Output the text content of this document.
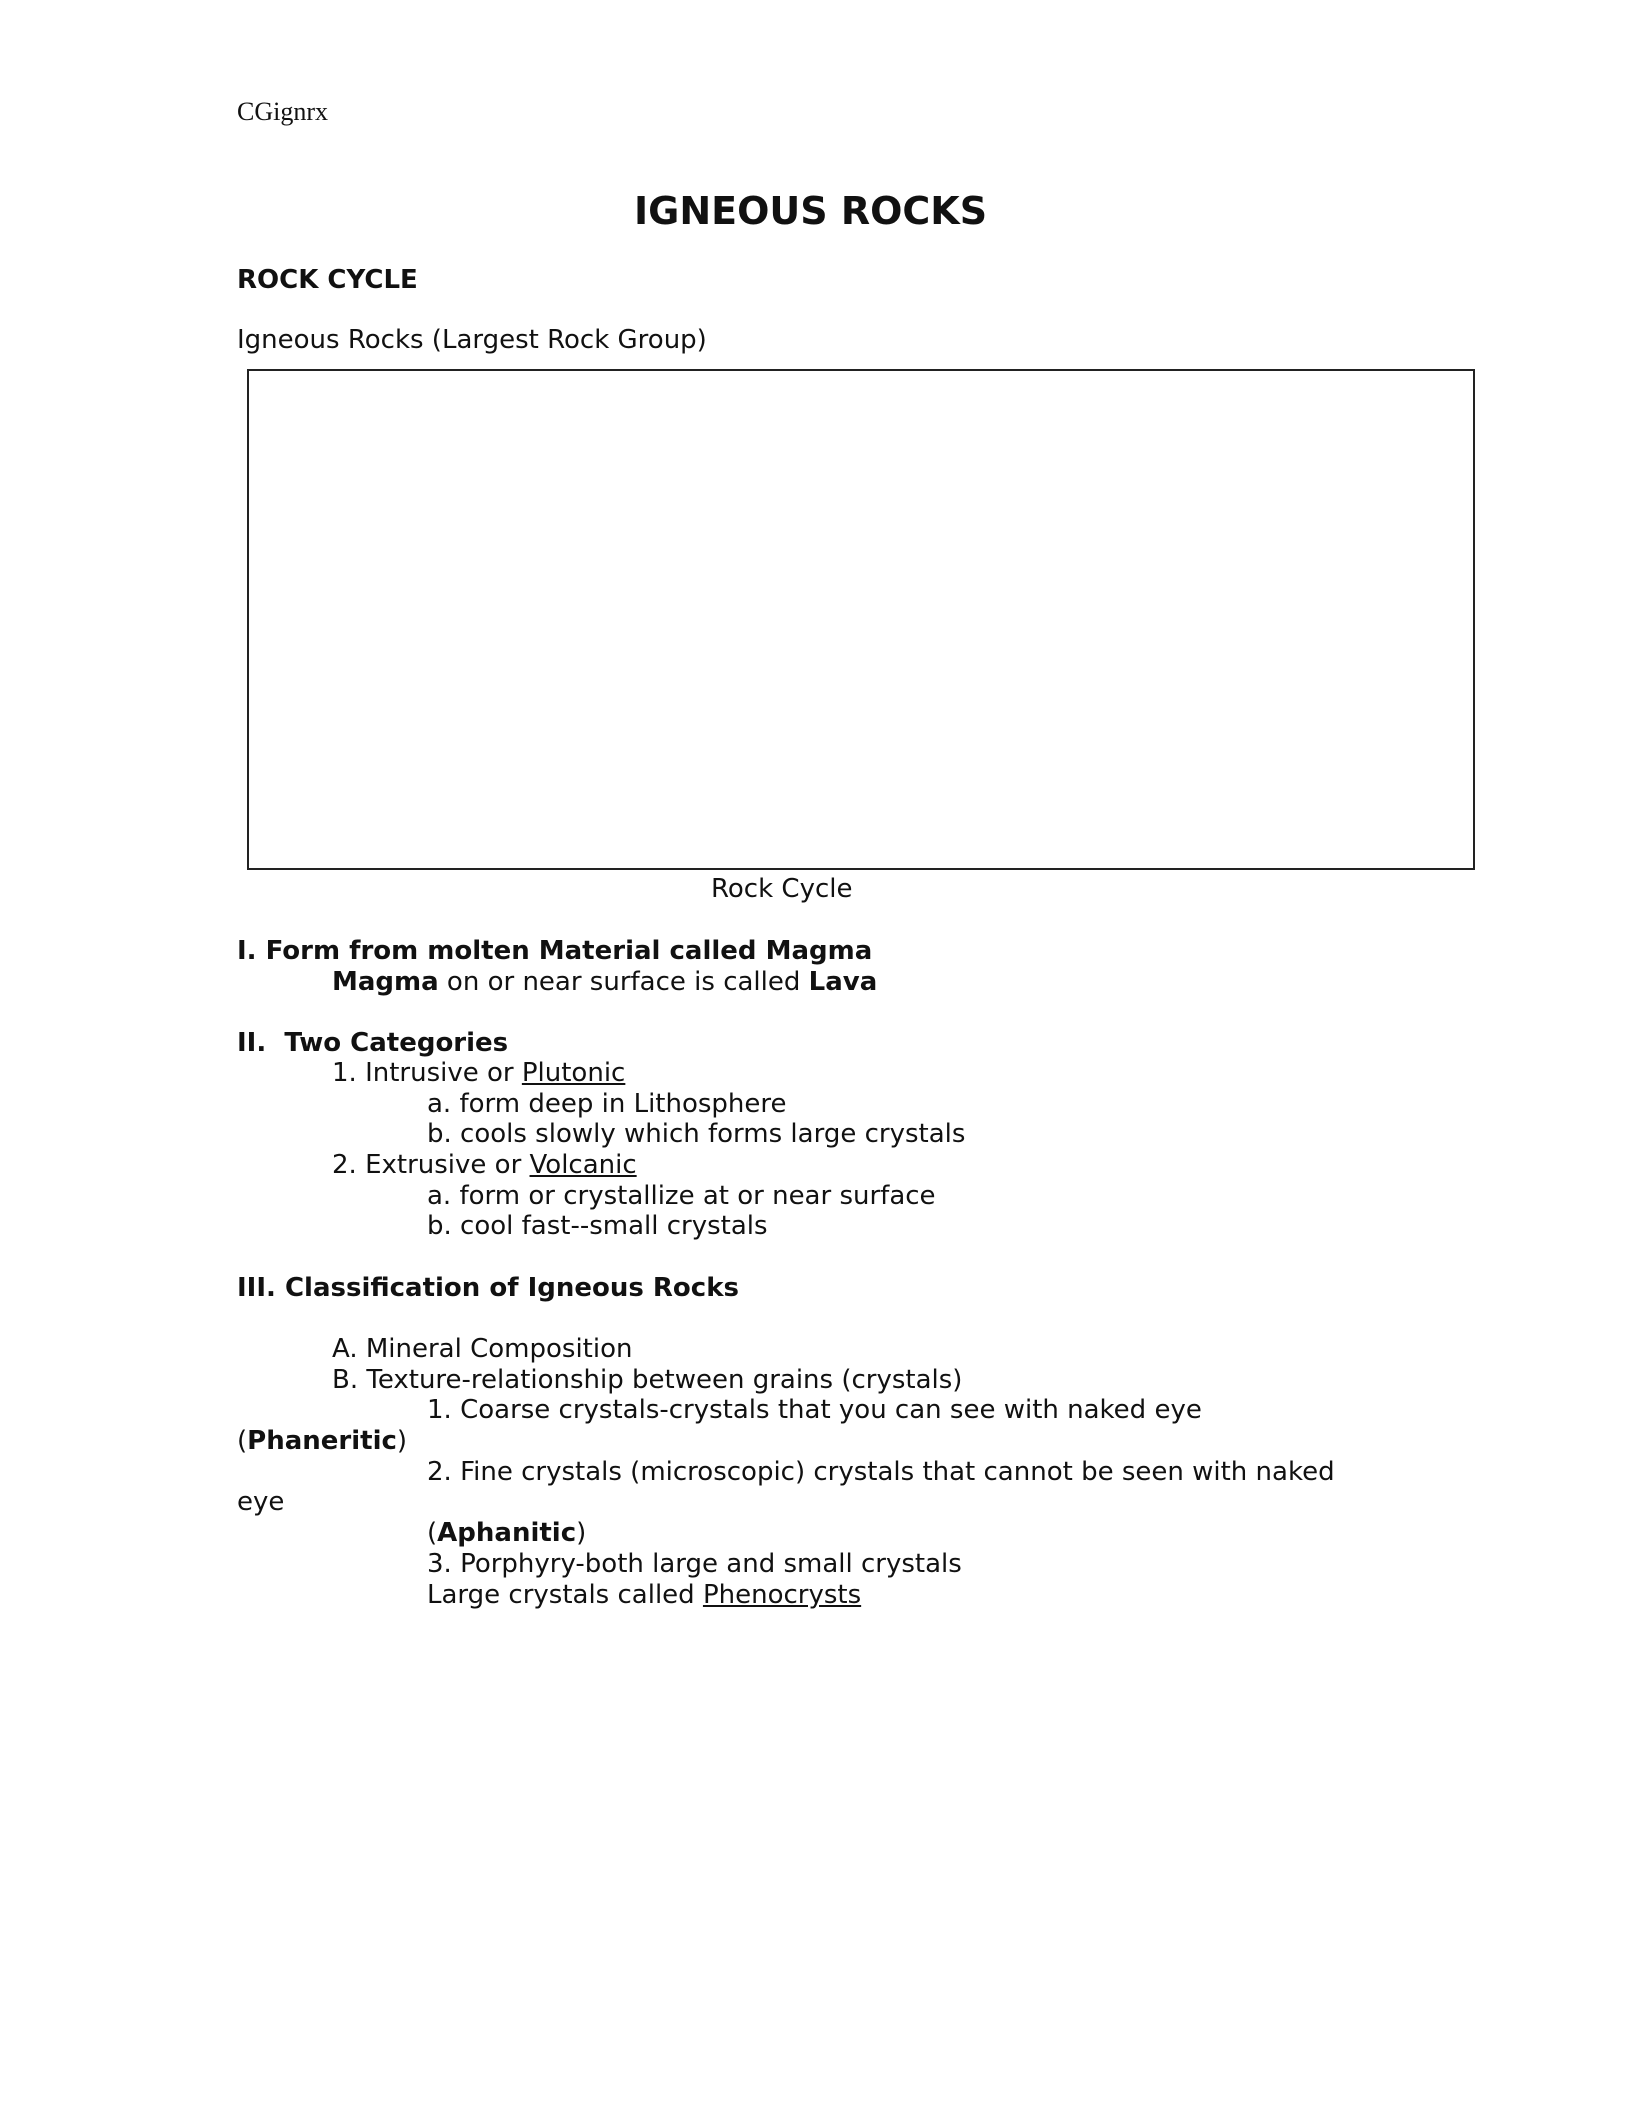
CGignrx
IGNEOUS ROCKS
ROCK CYCLE
Igneous Rocks (Largest Rock Group)
Rock Cycle
I. Form from molten Material called Magma
Magma on or near surface is called Lava
II.  Two Categories
1. Intrusive or Plutonic
a. form deep in Lithosphere
b. cools slowly which forms large crystals
2. Extrusive or Volcanic
a. form or crystallize at or near surface
b. cool fast--small crystals
III. Classification of Igneous Rocks
A. Mineral Composition
B. Texture-relationship between grains (crystals)
1. Coarse crystals-crystals that you can see with naked eye
(Phaneritic)
2. Fine crystals (microscopic) crystals that cannot be seen with naked
eye
(Aphanitic)
3. Porphyry-both large and small crystals
Large crystals called Phenocrysts
